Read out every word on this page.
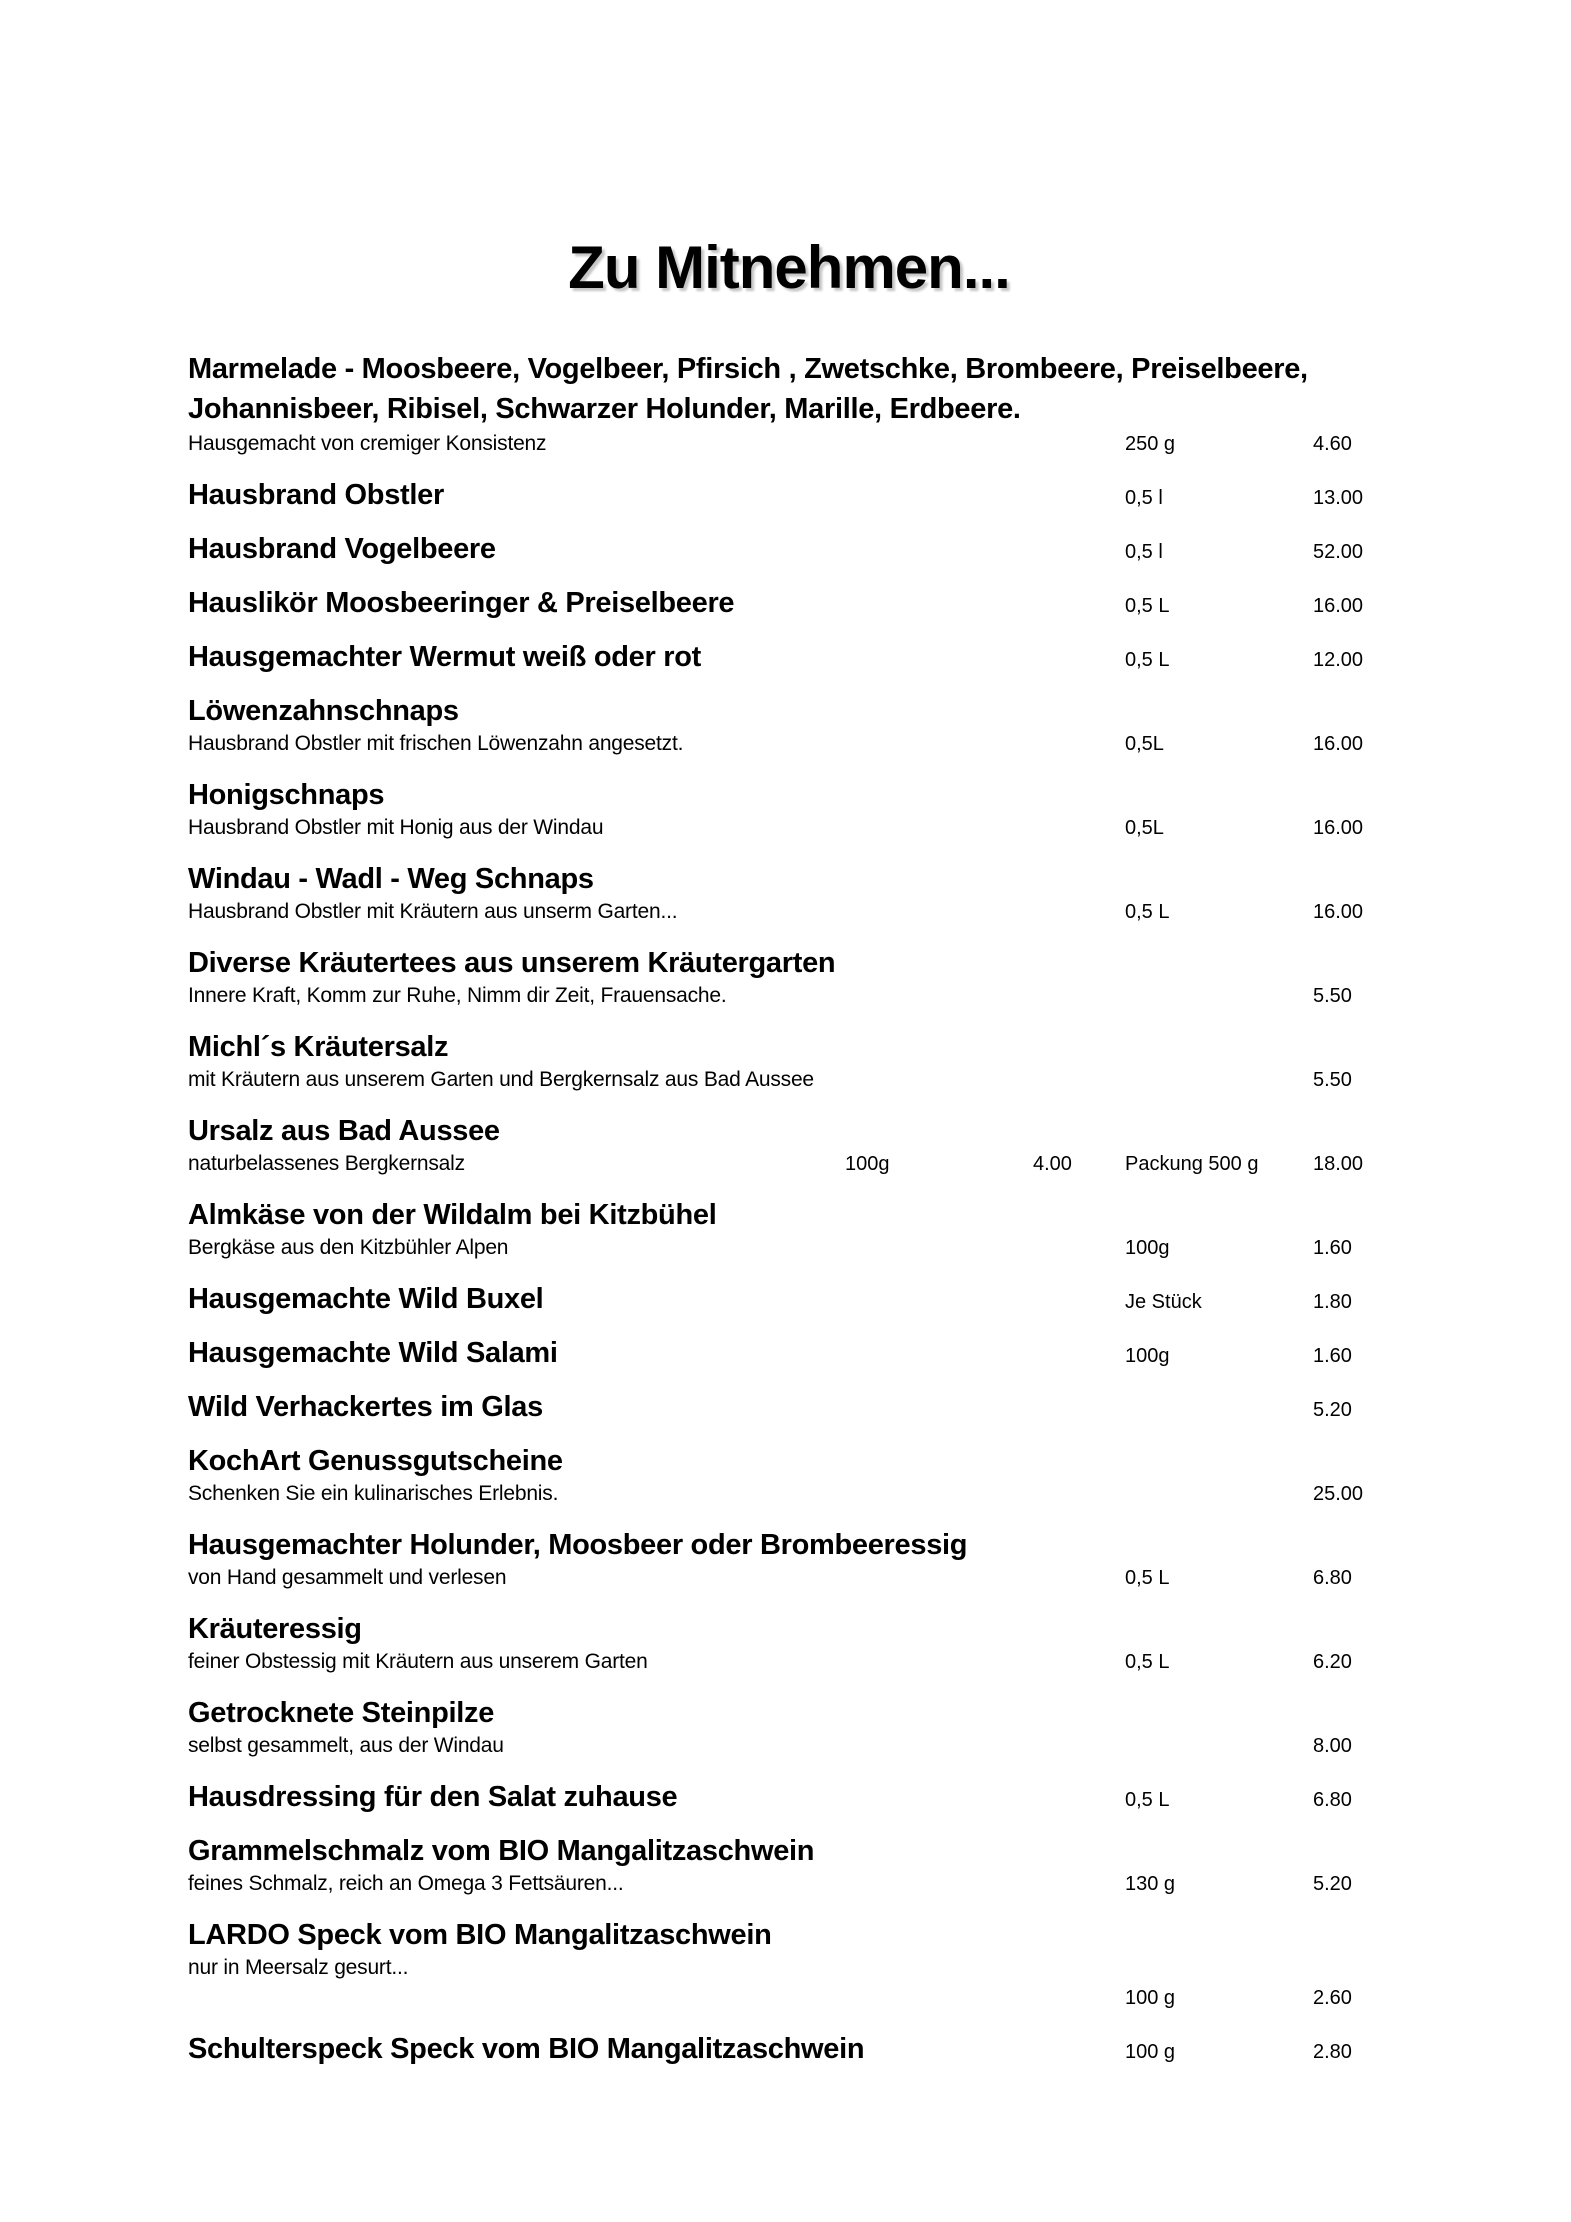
Zu Mitnehmen...
Marmelade - Moosbeere, Vogelbeer, Pfirsich , Zwetschke, Brombeere, Preiselbeere,
Johannisbeer, Ribisel, Schwarzer Holunder, Marille, Erdbeere.
Hausgemacht von cremiger Konsistenz	250 g	4.60
Hausbrand Obstler	0,5 l	13.00
Hausbrand Vogelbeere	0,5 l	52.00
Hauslikör Moosbeeringer & Preiselbeere	0,5 L	16.00
Hausgemachter Wermut weiß oder rot	0,5 L	12.00
Löwenzahnschnaps
Hausbrand Obstler mit frischen Löwenzahn angesetzt.	0,5L	16.00
Honigschnaps
Hausbrand Obstler mit Honig aus der Windau	0,5L	16.00
Windau - Wadl - Weg Schnaps
Hausbrand Obstler mit Kräutern aus unserm Garten...	0,5 L	16.00
Diverse Kräutertees aus unserem Kräutergarten
Innere Kraft, Komm zur Ruhe, Nimm dir Zeit, Frauensache.	5.50
Michl´s Kräutersalz
mit Kräutern aus unserem Garten und Bergkernsalz aus Bad Aussee	5.50
Ursalz aus Bad Aussee
naturbelassenes Bergkernsalz	100g	4.00	Packung 500 g	18.00
Almkäse von der Wildalm bei Kitzbühel
Bergkäse aus den Kitzbühler Alpen	100g	1.60
Hausgemachte Wild Buxel	Je Stück	1.80
Hausgemachte Wild Salami	100g	1.60
Wild Verhackertes im Glas	5.20
KochArt Genussgutscheine
Schenken Sie ein kulinarisches Erlebnis.	25.00
Hausgemachter Holunder, Moosbeer oder Brombeeressig
von Hand gesammelt und verlesen	0,5 L	6.80
Kräuteressig
feiner Obstessig mit Kräutern aus unserem Garten	0,5 L	6.20
Getrocknete Steinpilze
selbst gesammelt, aus der Windau	8.00
Hausdressing für den Salat zuhause	0,5 L	6.80
Grammelschmalz vom BIO Mangalitzaschwein
feines Schmalz, reich an Omega 3 Fettsäuren...	130 g	5.20
LARDO Speck vom BIO Mangalitzaschwein
nur in Meersalz gesurt...
100 g	2.60
Schulterspeck Speck vom BIO Mangalitzaschwein	100 g	2.80
